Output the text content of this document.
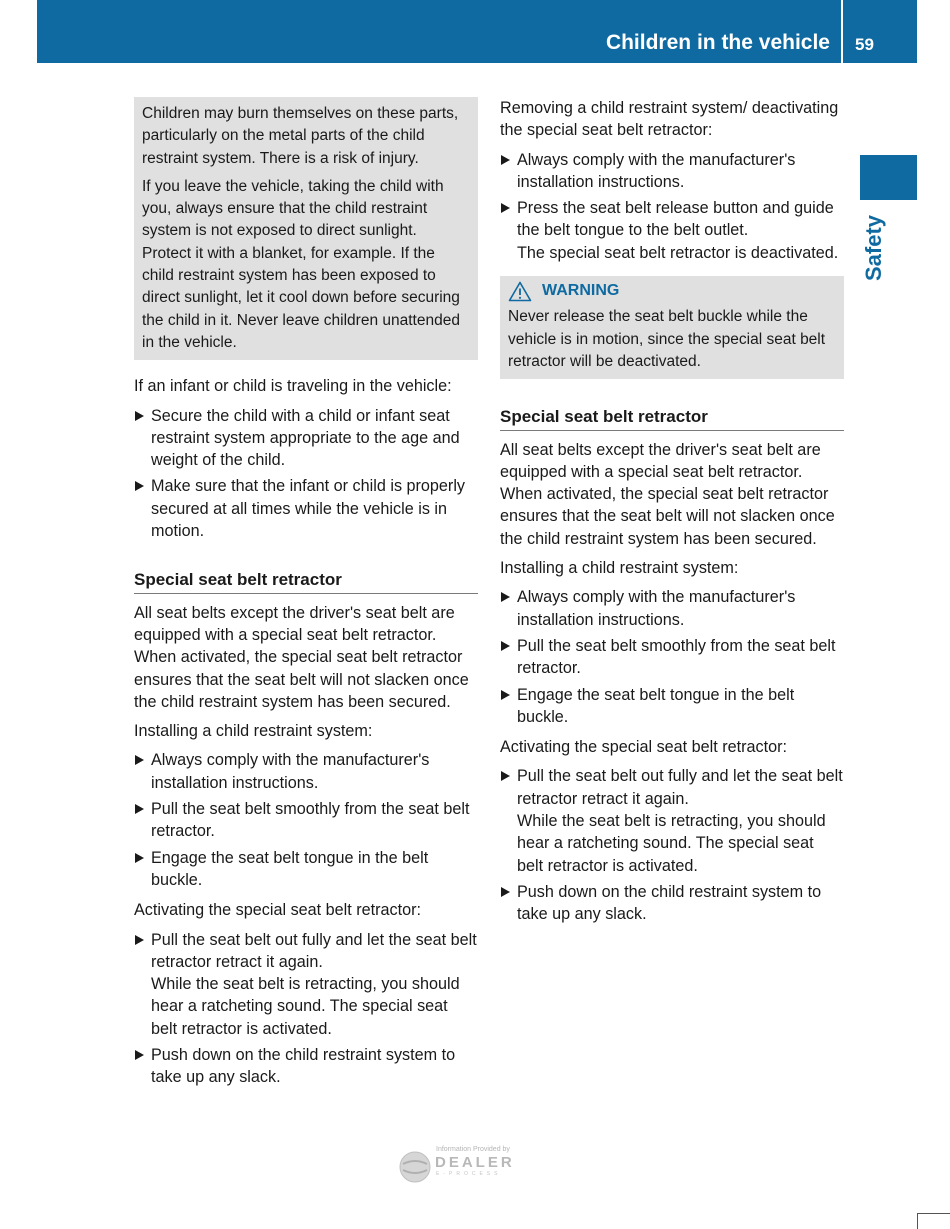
Children in the vehicle 59
Safety

Children may burn themselves on these parts, particularly on the metal parts of the child restraint system. There is a risk of injury.

If you leave the vehicle, taking the child with you, always ensure that the child restraint system is not exposed to direct sunlight. Protect it with a blanket, for example. If the child restraint system has been exposed to direct sunlight, let it cool down before securing the child in it. Never leave children unattended in the vehicle.

If an infant or child is traveling in the vehicle:

Secure the child with a child or infant seat restraint system appropriate to the age and weight of the child.
Make sure that the infant or child is properly secured at all times while the vehicle is in motion.
Special seat belt retractor

All seat belts except the driver's seat belt are equipped with a special seat belt retractor. When activated, the special seat belt retractor ensures that the seat belt will not slacken once the child restraint system has been secured.

Installing a child restraint system:

Always comply with the manufacturer's installation instructions.
Pull the seat belt smoothly from the seat belt retractor.
Engage the seat belt tongue in the belt buckle.

Activating the special seat belt retractor:

Pull the seat belt out fully and let the seat belt retractor retract it again.
While the seat belt is retracting, you should hear a ratcheting sound. The special seat belt retractor is activated.
Push down on the child restraint system to take up any slack.

Removing a child restraint system/ deactivating the special seat belt retractor:

Always comply with the manufacturer's installation instructions.
Press the seat belt release button and guide the belt tongue to the belt outlet.
The special seat belt retractor is deactivated.
WARNING

Never release the seat belt buckle while the vehicle is in motion, since the special seat belt retractor will be deactivated.

Special seat belt retractor

All seat belts except the driver's seat belt are equipped with a special seat belt retractor. When activated, the special seat belt retractor ensures that the seat belt will not slacken once the child restraint system has been secured.

Installing a child restraint system:

Always comply with the manufacturer's installation instructions.
Pull the seat belt smoothly from the seat belt retractor.
Engage the seat belt tongue in the belt buckle.

Activating the special seat belt retractor:

Pull the seat belt out fully and let the seat belt retractor retract it again.
While the seat belt is retracting, you should hear a ratcheting sound. The special seat belt retractor is activated.
Push down on the child restraint system to take up any slack.
Information Provided by
DEALER
E-PROCESS
